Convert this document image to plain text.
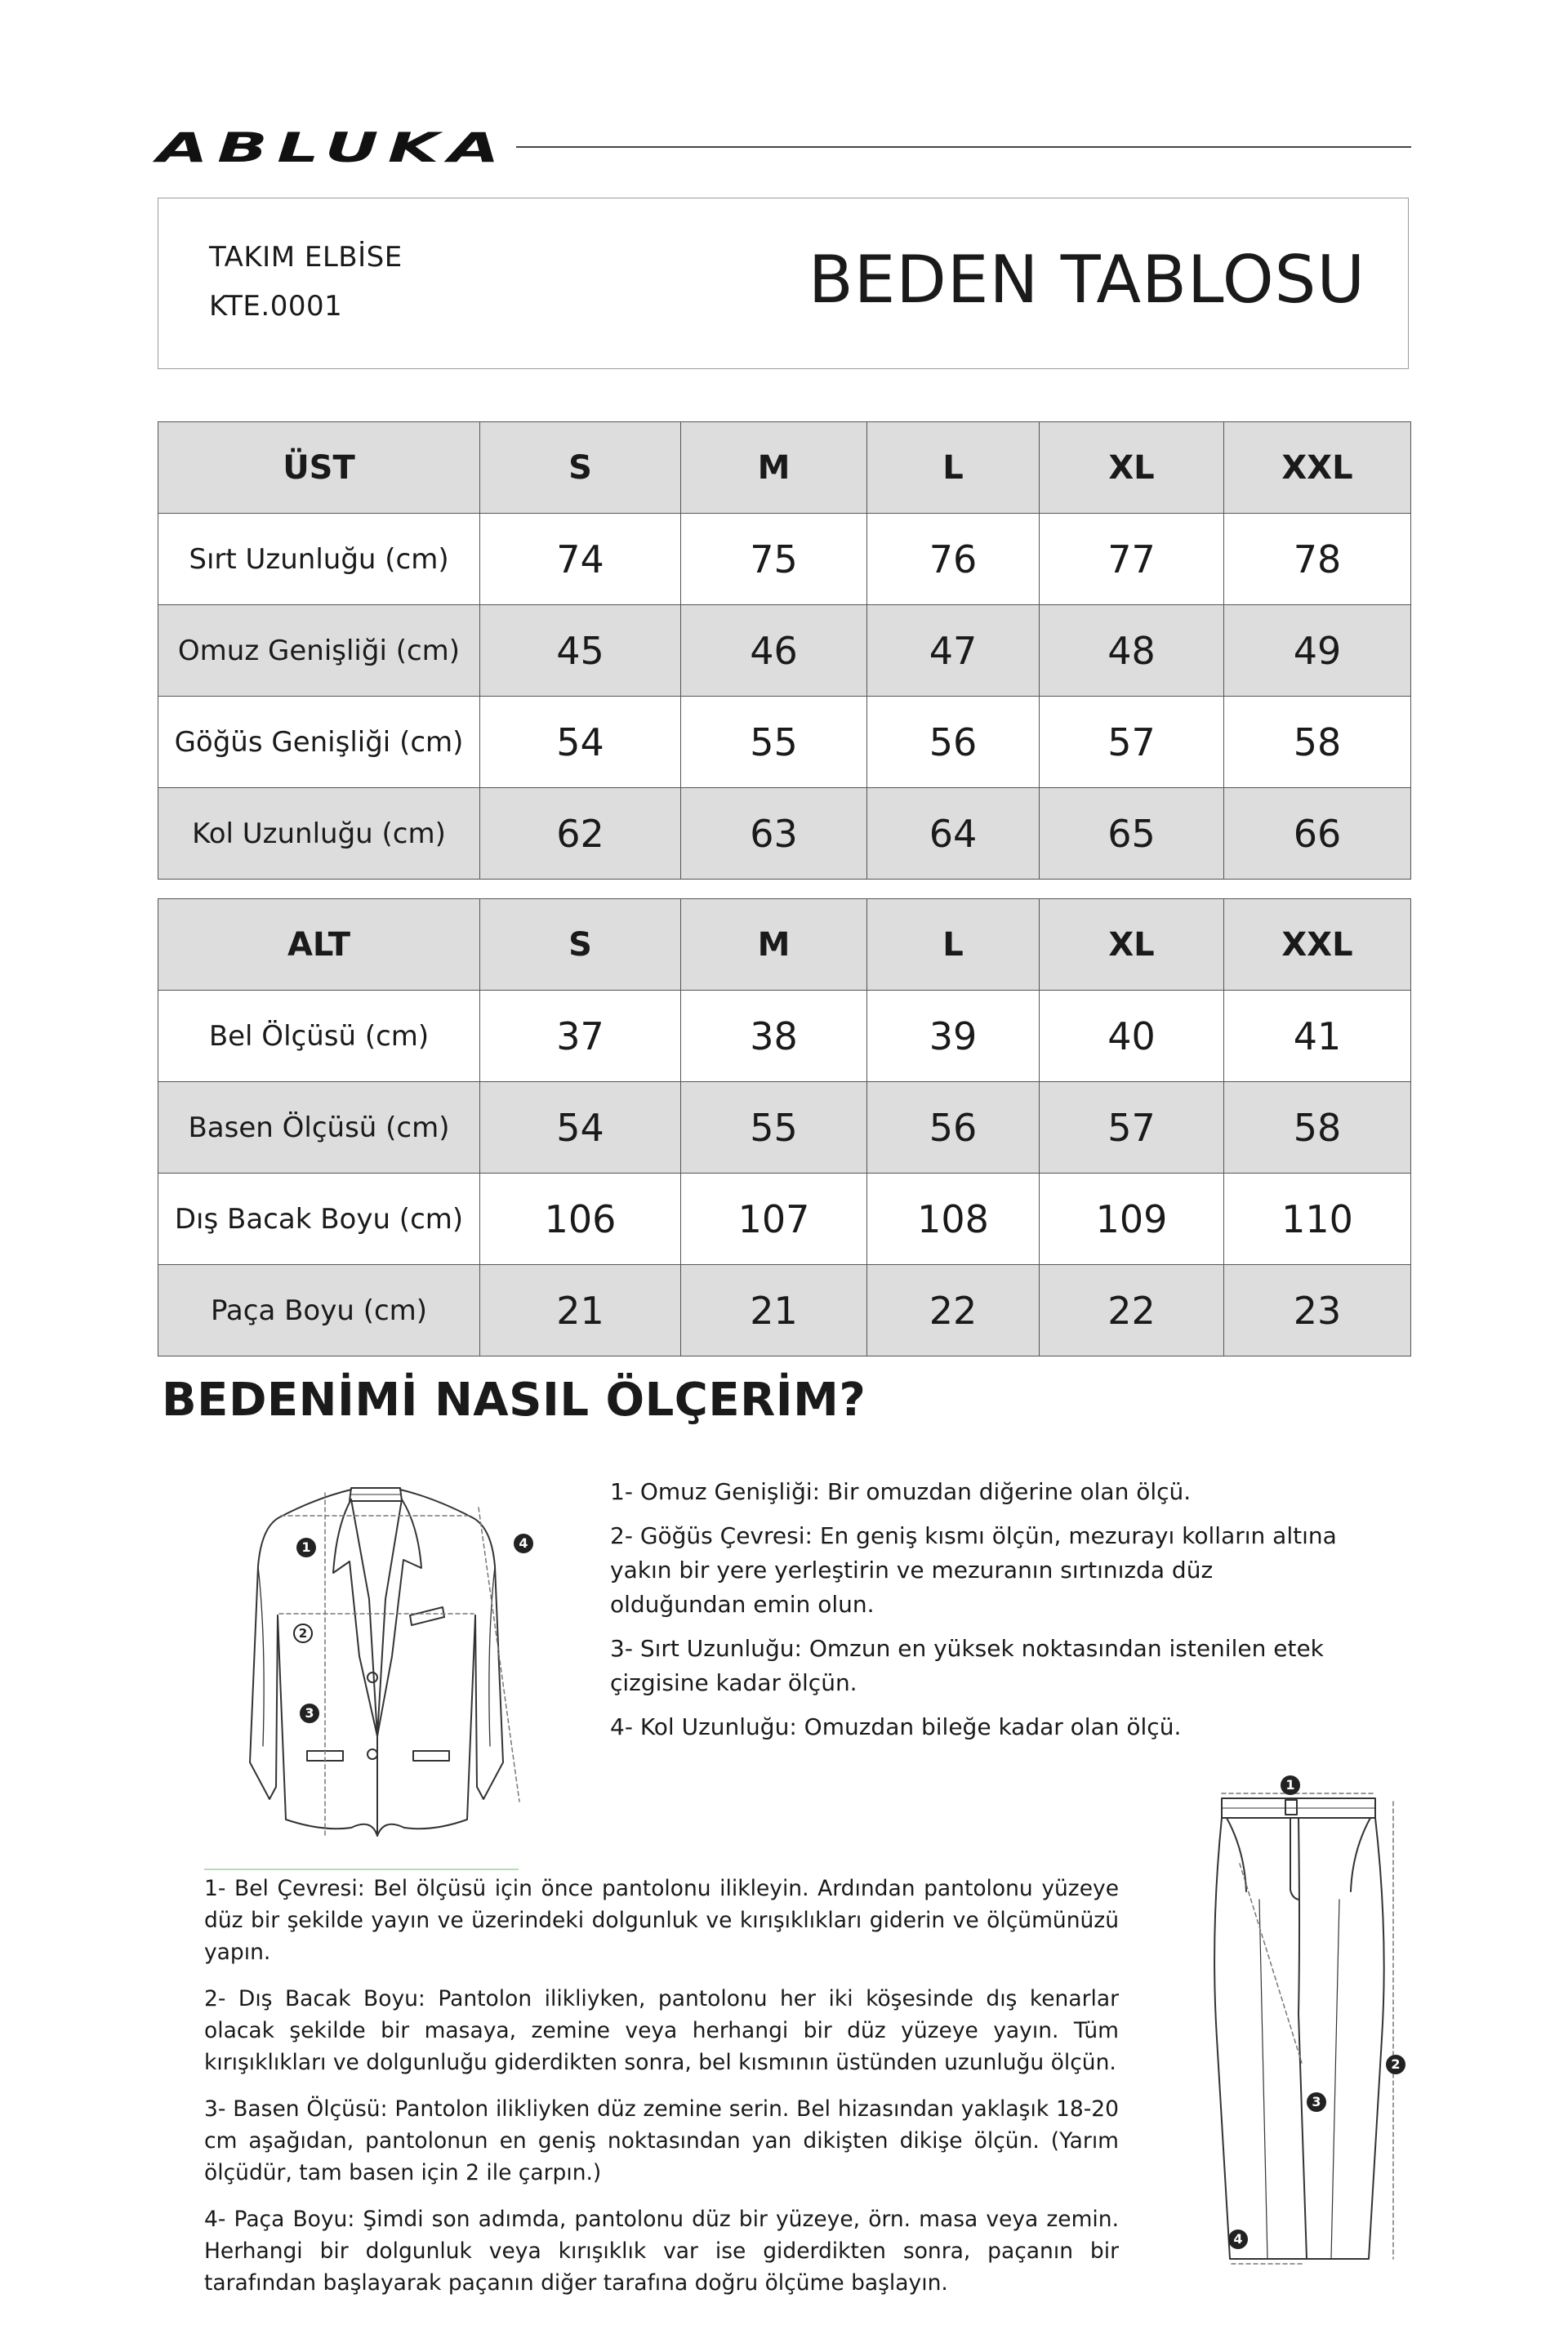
ABLUKA
TAKIM ELBİSE
KTE.0001	BEDEN TABLOSU
ÜST	S	M	L	XL	XXL
Sırt Uzunluğu (cm)	74	75	76	77	78
Omuz Genişliği (cm)	45	46	47	48	49
Göğüs Genişliği (cm)	54	55	56	57	58
Kol Uzunluğu (cm)	62	63	64	65	66
ALT	S	M	L	XL	XXL
Bel Ölçüsü (cm)	37	38	39	40	41
Basen Ölçüsü (cm)	54	55	56	57	58
Dış Bacak Boyu (cm)	106	107	108	109	110
Paça Boyu (cm)	21	21	22	22	23
BEDENİMİ NASIL ÖLÇERİM?
1
2
3
4

1- Omuz Genişliği: Bir omuzdan diğerine olan ölçü.

2- Göğüs Çevresi: En geniş kısmı ölçün, mezurayı kolların altına yakın bir yere yerleştirin ve mezuranın sırtınızda düz olduğundan emin olun.

3- Sırt Uzunluğu: Omzun en yüksek noktasından istenilen etek çizgisine kadar ölçün.

4- Kol Uzunluğu: Omuzdan bileğe kadar olan ölçü.

1- Bel Çevresi: Bel ölçüsü için önce pantolonu ilikleyin. Ardından pantolonu yüzeye düz bir şekilde yayın ve üzerindeki dolgunluk ve kırışıklıkları giderin ve ölçümünüzü yapın.

2- Dış Bacak Boyu: Pantolon ilikliyken, pantolonu her iki köşesinde dış kenarlar olacak şekilde bir masaya, zemine veya herhangi bir düz yüzeye yayın. Tüm kırışıklıkları ve dolgunluğu giderdikten sonra, bel kısmının üstünden uzunluğu ölçün.

3- Basen Ölçüsü: Pantolon ilikliyken düz zemine serin. Bel hizasından yaklaşık 18-20 cm aşağıdan, pantolonun en geniş noktasından yan dikişten dikişe ölçün. (Yarım ölçüdür, tam basen için 2 ile çarpın.)

4- Paça Boyu: Şimdi son adımda, pantolonu düz bir yüzeye, örn. masa veya zemin. Herhangi bir dolgunluk veya kırışıklık var ise giderdikten sonra, paçanın bir tarafından başlayarak paçanın diğer tarafına doğru ölçüme başlayın.

1
2
3
4
